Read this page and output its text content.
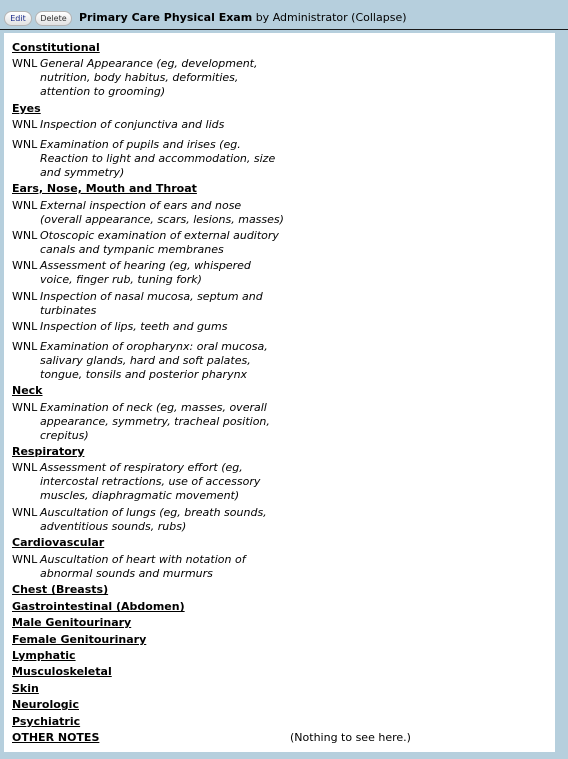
Edit	Delete	Primary Care Physical Exam by Administrator (Collapse)
Constitutional
WNL General Appearance (eg, development,
nutrition, body habitus, deformities,
attention to grooming)
Eyes
WNL Inspection of conjunctiva and lids
WNL Examination of pupils and irises (eg.
Reaction to light and accommodation, size
and symmetry)
Ears, Nose, Mouth and Throat
WNL External inspection of ears and nose
(overall appearance, scars, lesions, masses)
WNL Otoscopic examination of external auditory
canals and tympanic membranes
WNL Assessment of hearing (eg, whispered
voice, finger rub, tuning fork)
WNL Inspection of nasal mucosa, septum and
turbinates
WNL Inspection of lips, teeth and gums
WNL Examination of oropharynx: oral mucosa,
salivary glands, hard and soft palates,
tongue, tonsils and posterior pharynx
Neck
WNL Examination of neck (eg, masses, overall
appearance, symmetry, tracheal position,
crepitus)
Respiratory
WNL Assessment of respiratory effort (eg,
intercostal retractions, use of accessory
muscles, diaphragmatic movement)
WNL Auscultation of lungs (eg, breath sounds,
adventitious sounds, rubs)
Cardiovascular
WNL Auscultation of heart with notation of
abnormal sounds and murmurs
Chest (Breasts)
Gastrointestinal (Abdomen)
Male Genitourinary
Female Genitourinary
Lymphatic
Musculoskeletal
Skin
Neurologic
Psychiatric
OTHER NOTES	(Nothing to see here.)
